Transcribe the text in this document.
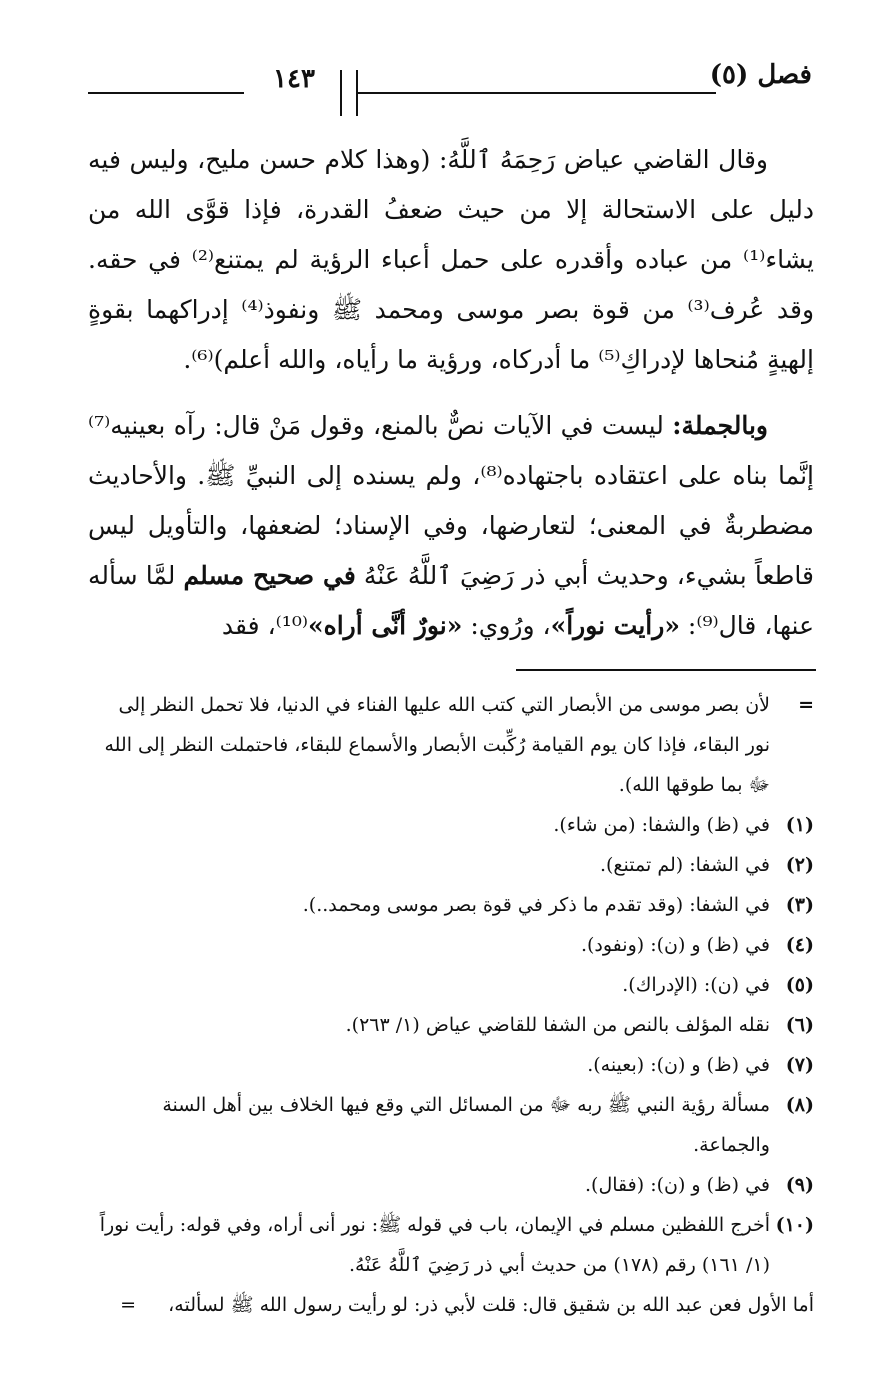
فصل (٥)
١٤٣

وقال القاضي عياض رَحِمَهُ ٱللَّهُ: (وهذا كلام حسن مليح، وليس فيه دليل على الاستحالة إلا من حيث ضعفُ القدرة، فإذا قوَّى الله من يشاء⁽¹⁾ من عباده وأقدره على حمل أعباء الرؤية لم يمتنع⁽²⁾ في حقه. وقد عُرف⁽³⁾ من قوة بصر موسى ومحمد ﷺ ونفوذ⁽⁴⁾ إدراكهما بقوةٍ إلهيةٍ مُنحاها لإدراكِ⁽⁵⁾ ما أدركاه، ورؤية ما رأياه، والله أعلم)⁽⁶⁾.

وبالجملة: ليست في الآيات نصٌّ بالمنع، وقول مَنْ قال: رآه بعينيه⁽⁷⁾ إنَّما بناه على اعتقاده باجتهاده⁽⁸⁾، ولم يسنده إلى النبيِّ ﷺ. والأحاديث مضطربةٌ في المعنى؛ لتعارضها، وفي الإسناد؛ لضعفها، والتأويل ليس قاطعاً بشيء، وحديث أبي ذر رَضِيَ ٱللَّهُ عَنْهُ في صحيح مسلم لمَّا سأله عنها، قال⁽⁹⁾: «رأيت نوراً»، ورُوي: «نورٌ أنَّى أراه»⁽¹⁰⁾، فقد

=
لأن بصر موسى من الأبصار التي كتب الله عليها الفناء في الدنيا، فلا تحمل النظر إلى نور البقاء، فإذا كان يوم القيامة رُكِّبت الأبصار والأسماع للبقاء، فاحتملت النظر إلى الله ﷻ بما طوقها الله).
(١)
في (ظ) والشفا: (من شاء).
(٢)
في الشفا: (لم تمتنع).
(٣)
في الشفا: (وقد تقدم ما ذكر في قوة بصر موسى ومحمد..).
(٤)
في (ظ) و (ن): (ونفود).
(٥)
في (ن): (الإدراك).
(٦)
نقله المؤلف بالنص من الشفا للقاضي عياض (١/ ٢٦٣).
(٧)
في (ظ) و (ن): (بعينه).
(٨)
مسألة رؤية النبي ﷺ ربه ﷻ من المسائل التي وقع فيها الخلاف بين أهل السنة والجماعة.
(٩)
في (ظ) و (ن): (فقال).
(١٠)
أخرج اللفظين مسلم في الإيمان، باب في قوله ﷺ: نور أنى أراه، وفي قوله: رأيت نوراً (١/ ١٦١) رقم (١٧٨) من حديث أبي ذر رَضِيَ ٱللَّهُ عَنْهُ.
أما الأول فعن عبد الله بن شقيق قال: قلت لأبي ذر: لو رأيت رسول الله ﷺ لسألته،
=
